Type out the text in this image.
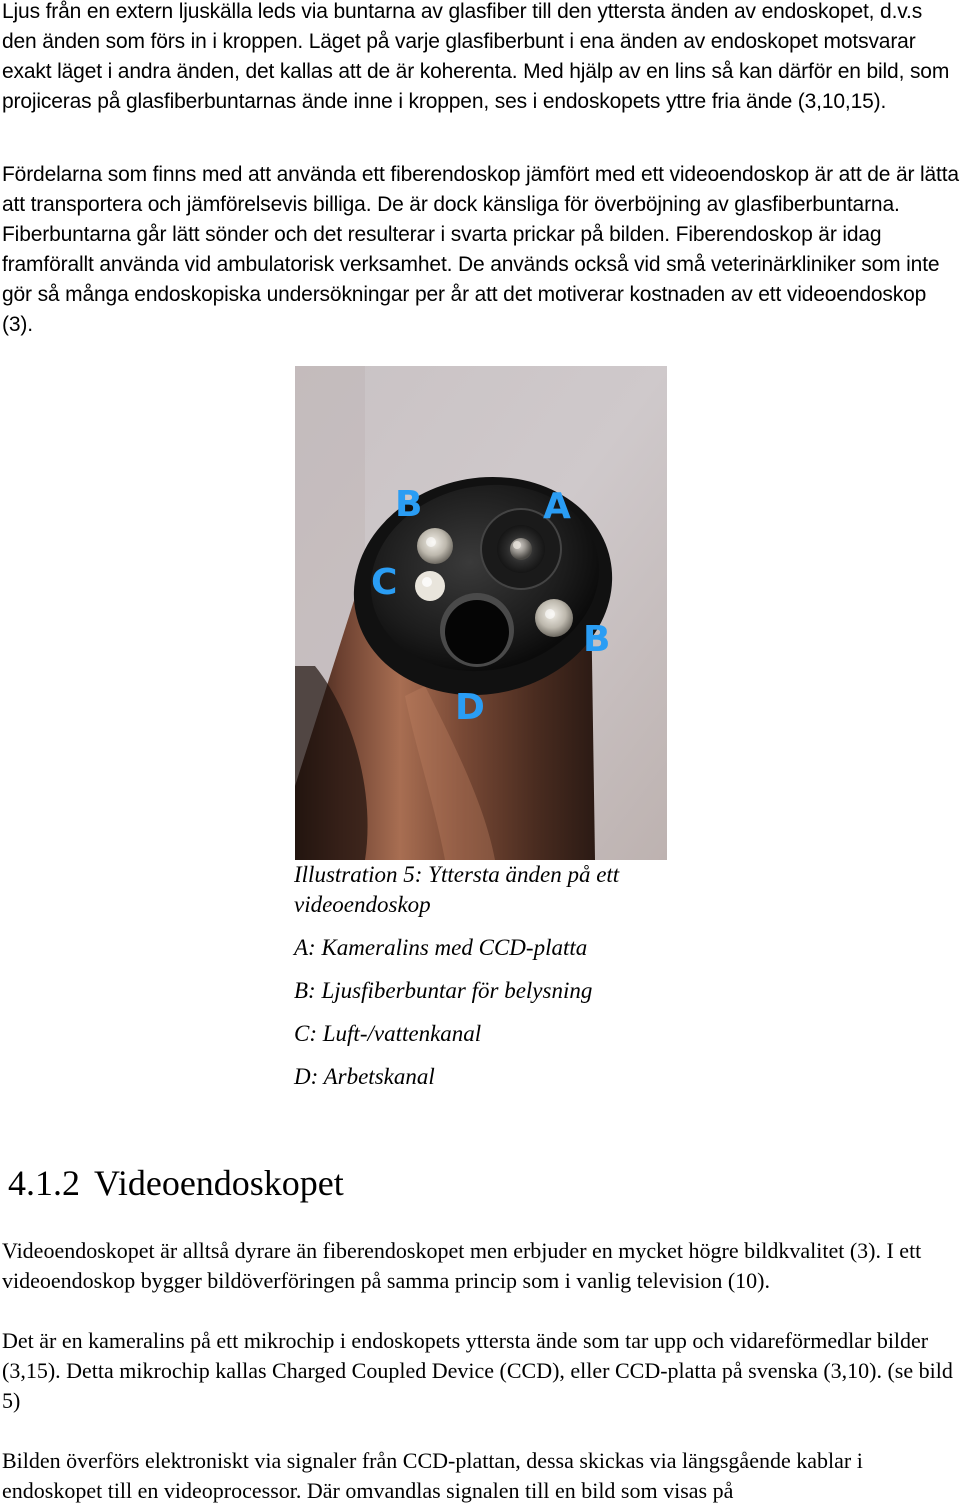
Ljus från en extern ljuskälla leds via buntarna av glasfiber till den yttersta änden av endoskopet, d.v.s den änden som förs in i kroppen. Läget på varje glasfiberbunt i ena änden av endoskopet motsvarar exakt läget i andra änden, det kallas att de är koherenta. Med hjälp av en lins så kan därför en bild, som projiceras på glasfiberbuntarnas ände inne i kroppen, ses i endoskopets yttre fria ände (3,10,15).

Fördelarna som finns med att använda ett fiberendoskop jämfört med ett videoendoskop är att de är lätta att transportera och jämförelsevis billiga. De är dock känsliga för överböjning av glasfiberbuntarna. Fiberbuntarna går lätt sönder och det resulterar i svarta prickar på bilden. Fiberendoskop är idag framförallt använda vid ambulatorisk verksamhet. De används också vid små veterinärkliniker som inte gör så många endoskopiska undersökningar per år att det motiverar kostnaden av ett videoendoskop (3).

B	A
C
B
D
Illustration 5: Yttersta änden på ett videoendoskop
A: Kameralins med CCD-platta
B: Ljusfiberbuntar för belysning
C: Luft-/vattenkanal
D: Arbetskanal
4.1.2 Videoendoskopet

Videoendoskopet är alltså dyrare än fiberendoskopet men erbjuder en mycket högre bildkvalitet (3). I ett videoendoskop bygger bildöverföringen på samma princip som i vanlig television (10).

Det är en kameralins på ett mikrochip i endoskopets yttersta ände som tar upp och vidareförmedlar bilder (3,15). Detta mikrochip kallas Charged Coupled Device (CCD), eller CCD-platta på svenska (3,10). (se bild 5)

Bilden överförs elektroniskt via signaler från CCD-plattan, dessa skickas via längsgående kablar i endoskopet till en videoprocessor. Där omvandlas signalen till en bild som visas på
